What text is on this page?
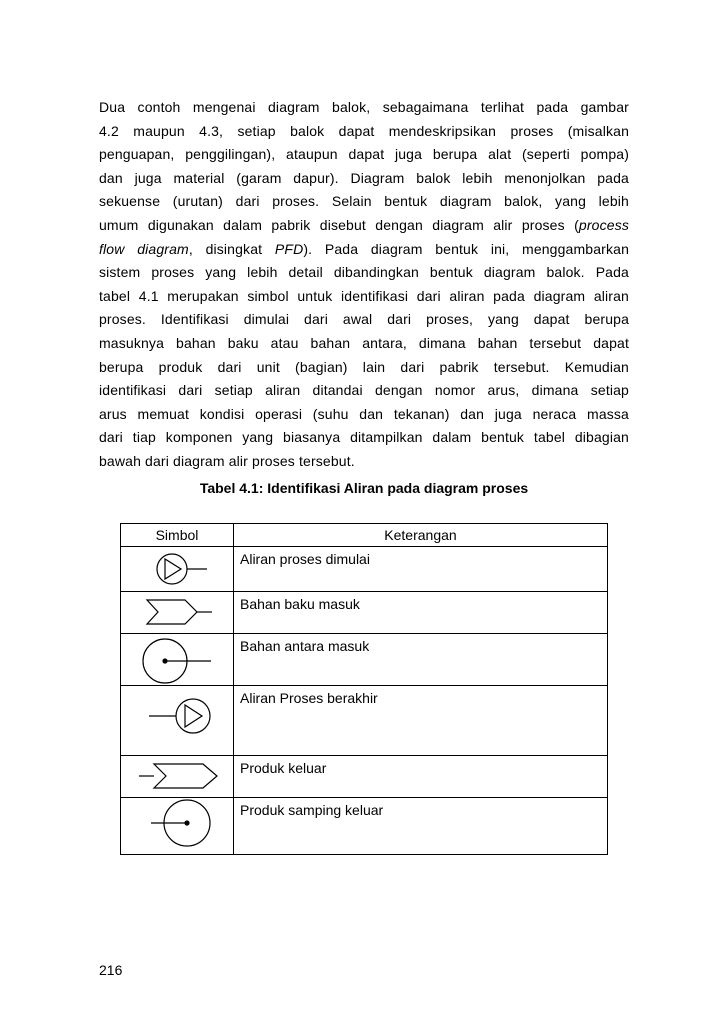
Dua contoh mengenai diagram balok, sebagaimana terlihat pada gambar
4.2 maupun 4.3, setiap balok dapat mendeskripsikan proses (misalkan
penguapan, penggilingan), ataupun dapat juga berupa alat (seperti pompa)
dan juga material (garam dapur). Diagram balok lebih menonjolkan pada
sekuense (urutan) dari proses. Selain bentuk diagram balok, yang lebih
umum digunakan dalam pabrik disebut dengan diagram alir proses (process
flow diagram, disingkat PFD). Pada diagram bentuk ini, menggambarkan
sistem proses yang lebih detail dibandingkan bentuk diagram balok. Pada
tabel 4.1 merupakan simbol untuk identifikasi dari aliran pada diagram aliran
proses. Identifikasi dimulai dari awal dari proses, yang dapat berupa
masuknya bahan baku atau bahan antara, dimana bahan tersebut dapat
berupa produk dari unit (bagian) lain dari pabrik tersebut. Kemudian
identifikasi dari setiap aliran ditandai dengan nomor arus, dimana setiap
arus memuat kondisi operasi (suhu dan tekanan) dan juga neraca massa
dari tiap komponen yang biasanya ditampilkan dalam bentuk tabel dibagian
bawah dari diagram alir proses tersebut.

Tabel 4.1: Identifikasi Aliran pada diagram proses

Simbol	Keterangan

	Aliran proses dimulai

	Bahan baku masuk

	Bahan antara masuk

	Aliran Proses berakhir

	Produk keluar

	Produk samping keluar

216
